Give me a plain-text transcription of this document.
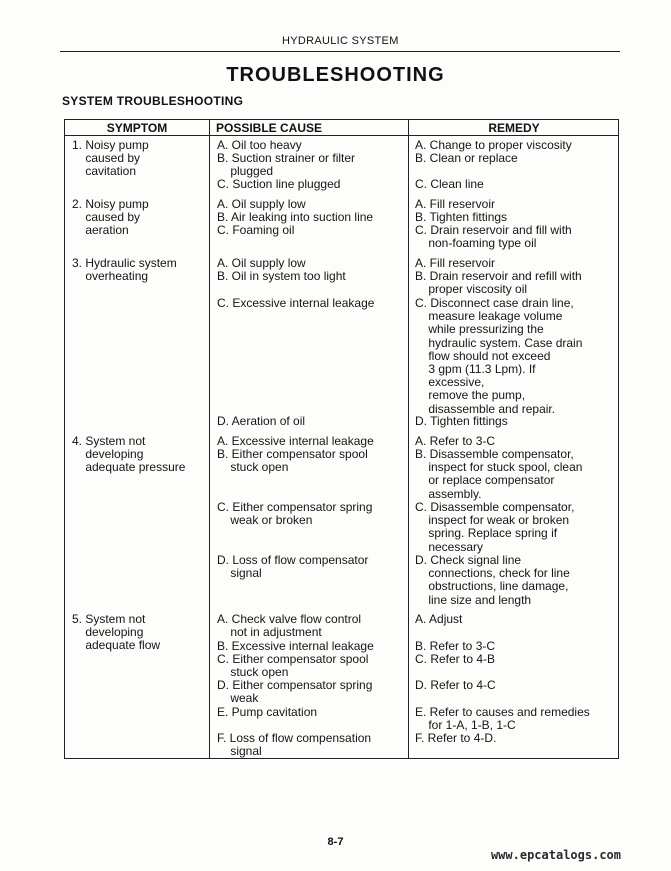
HYDRAULIC SYSTEM
TROUBLESHOOTING
SYSTEM TROUBLESHOOTING
SYMPTOM	POSSIBLE CAUSE	REMEDY
1. Noisy pump
caused by
cavitation
A. Oil too heavy
B. Suction strainer or filter
plugged
C. Suction line plugged
A. Change to proper viscosity
B. Clean or replace
C. Clean line
2. Noisy pump
caused by
aeration
A. Oil supply low
B. Air leaking into suction line
C. Foaming oil
A. Fill reservoir
B. Tighten fittings
C. Drain reservoir and fill with
non-foaming type oil
3. Hydraulic system
overheating
A. Oil supply low
B. Oil in system too light
C. Excessive internal leakage
D. Aeration of oil
A. Fill reservoir
B. Drain reservoir and refill with
proper viscosity oil
C. Disconnect case drain line,
measure leakage volume
while pressurizing the
hydraulic system. Case drain
flow should not exceed
3 gpm (11.3 Lpm). If
excessive,
remove the pump,
disassemble and repair.
D. Tighten fittings
4. System not
developing
adequate pressure
A. Excessive internal leakage
B. Either compensator spool
stuck open
C. Either compensator spring
weak or broken
D. Loss of flow compensator
signal
A. Refer to 3-C
B. Disassemble compensator,
inspect for stuck spool, clean
or replace compensator
assembly.
C. Disassemble compensator,
inspect for weak or broken
spring. Replace spring if
necessary
D. Check signal line
connections, check for line
obstructions, line damage,
line size and length
5. System not
developing
adequate flow
A. Check valve flow control
not in adjustment
B. Excessive internal leakage
C. Either compensator spool
stuck open
D. Either compensator spring
weak
E. Pump cavitation
F. Loss of flow compensation
signal
A. Adjust
B. Refer to 3-C
C. Refer to 4-B
D. Refer to 4-C
E. Refer to causes and remedies
for 1-A, 1-B, 1-C
F. Refer to 4-D.
8-7
www.epcatalogs.com
